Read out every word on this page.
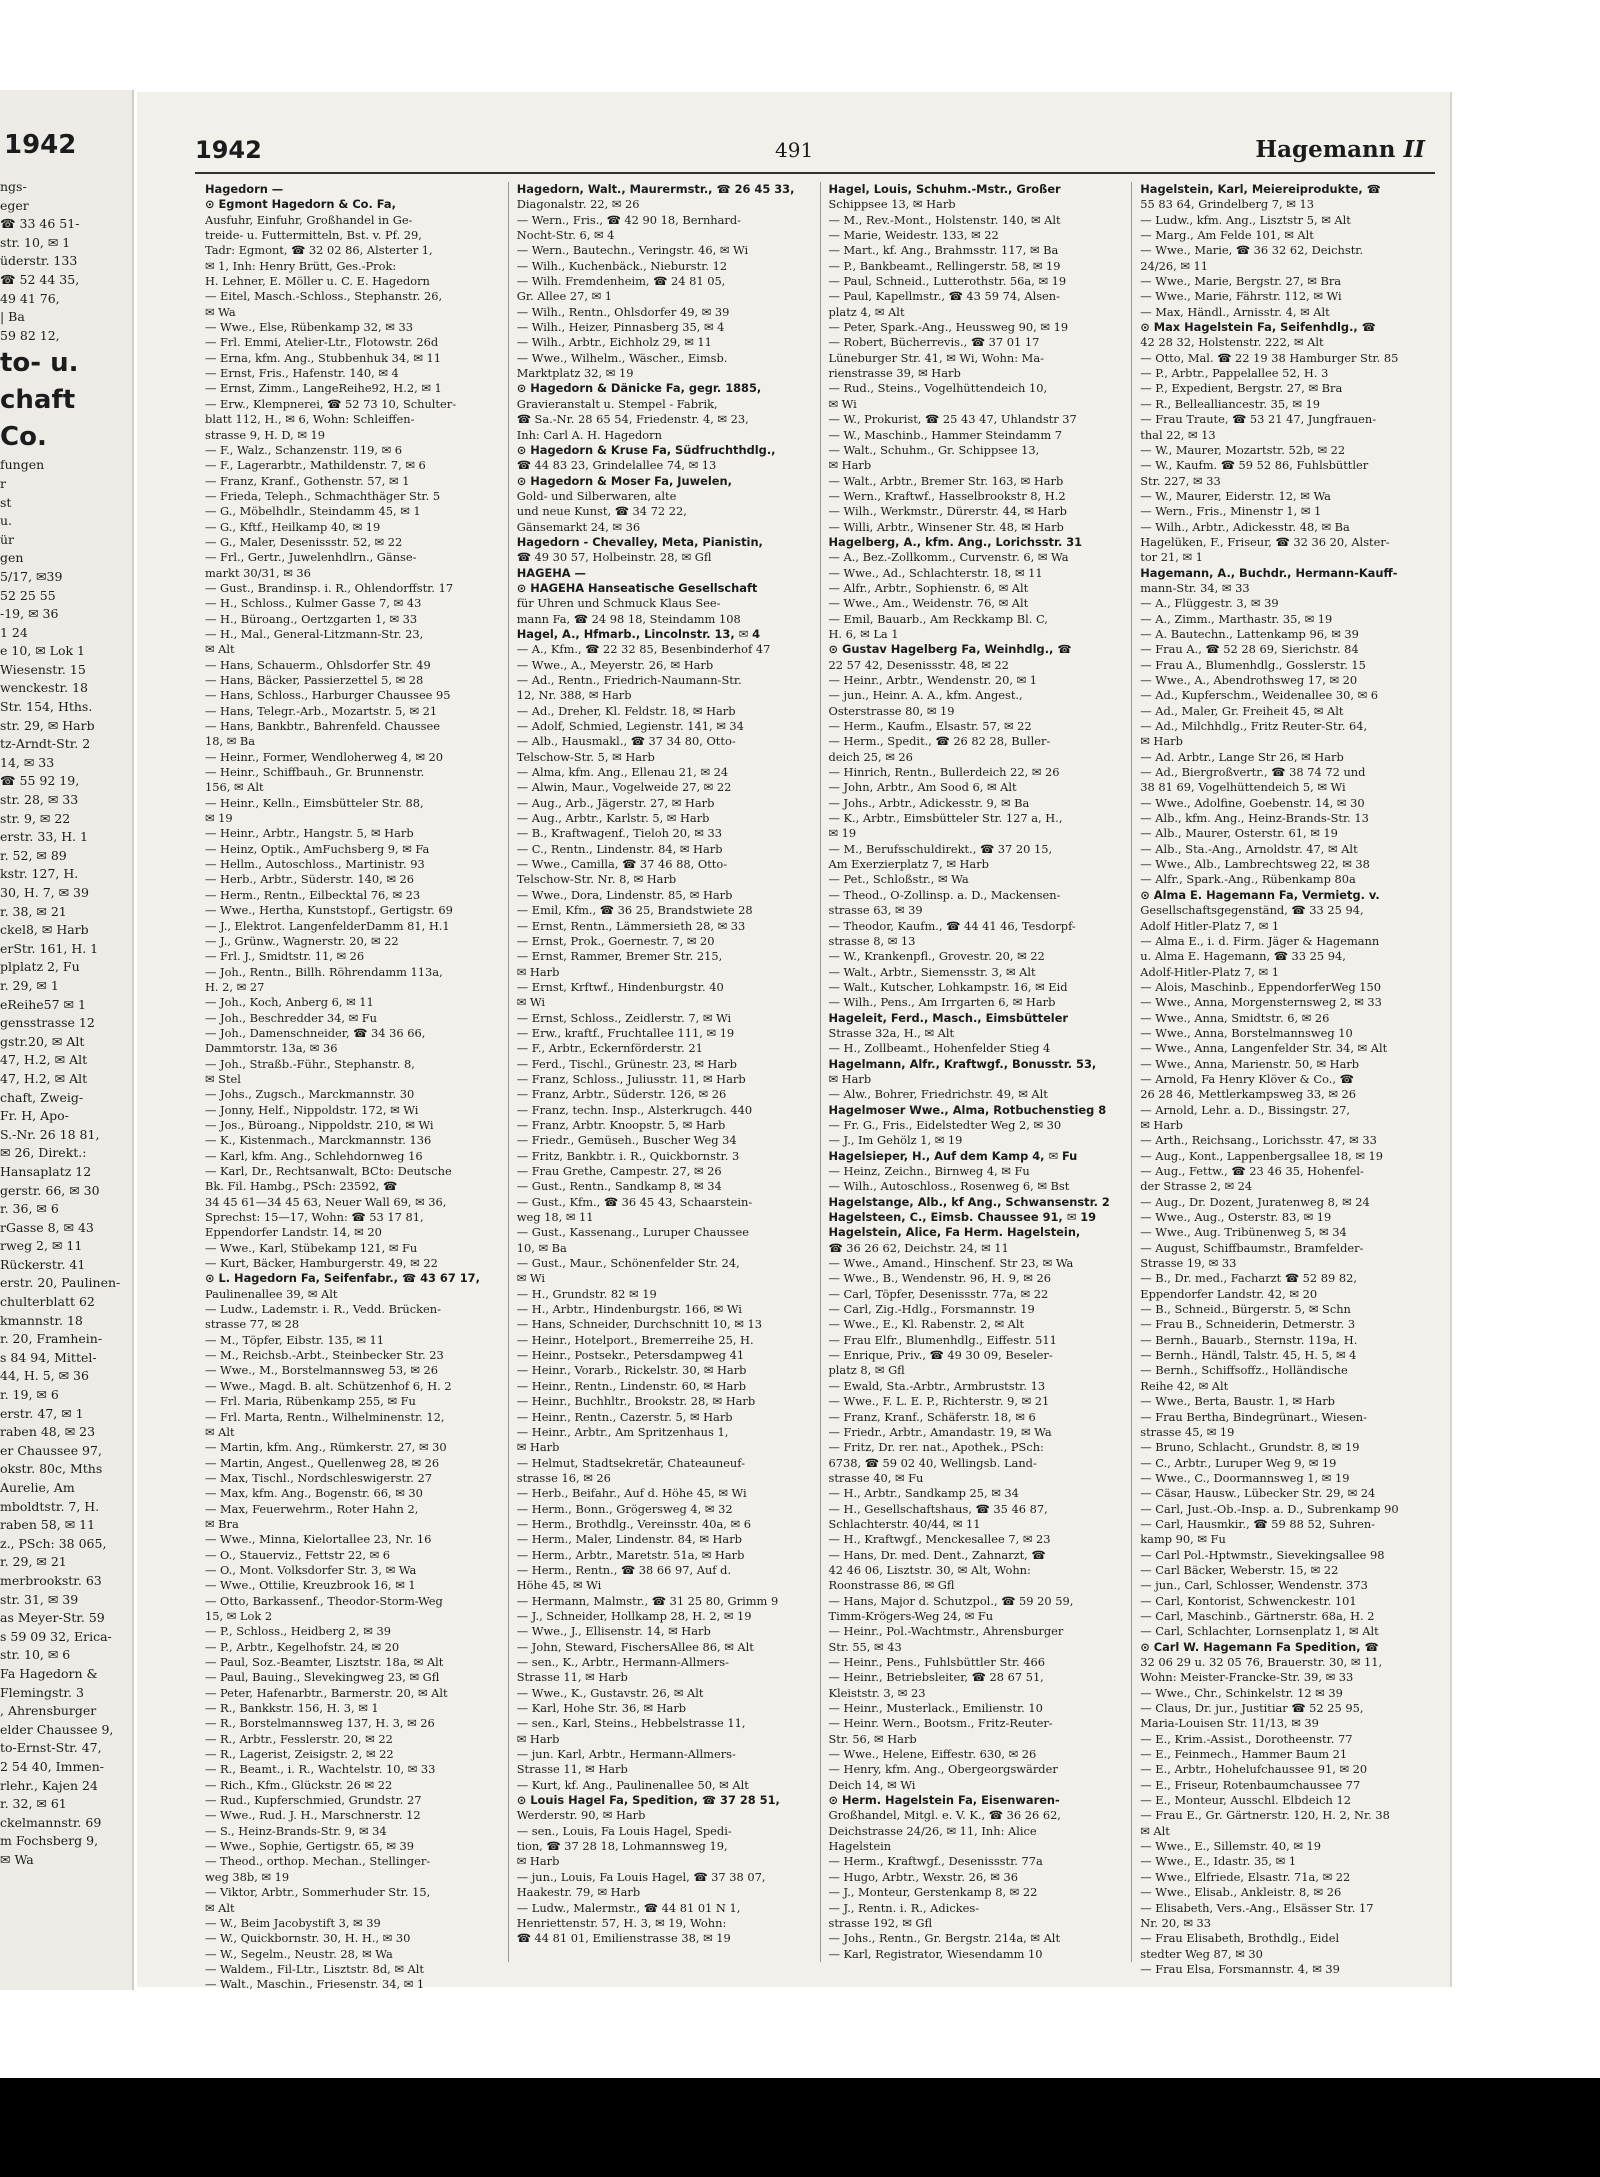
1942
ngs-
eger
☎ 33 46 51-
str. 10, ✉ 1
üderstr. 133
☎ 52 44 35,
49 41 76,
| Ba
59 82 12,
to- u.
chaft
Co.
fungen
r
st
u.
ür
gen
5/17, ✉39
52 25 55
-19, ✉ 36
1 24
e 10, ✉ Lok 1
Wiesenstr. 15
wenckestr. 18
Str. 154, Hths.
str. 29, ✉ Harb
tz-Arndt-Str. 2
14, ✉ 33
☎ 55 92 19,
str. 28, ✉ 33
str. 9, ✉ 22
erstr. 33, H. 1
r. 52, ✉ 89
kstr. 127, H.
30, H. 7, ✉ 39
r. 38, ✉ 21
ckel8, ✉ Harb
erStr. 161, H. 1
plplatz 2, Fu
r. 29, ✉ 1
eReihe57 ✉ 1
gensstrasse 12
gstr.20, ✉ Alt
47, H.2, ✉ Alt
47, H.2, ✉ Alt
chaft, Zweig-
Fr. H, Apo-
S.-Nr. 26 18 81,
✉ 26, Direkt.:
Hansaplatz 12
gerstr. 66, ✉ 30
r. 36, ✉ 6
rGasse 8, ✉ 43
rweg 2, ✉ 11
Rückerstr. 41
erstr. 20, Paulinen-
chulterblatt 62
kmannstr. 18
r. 20, Framhein-
s 84 94, Mittel-
44, H. 5, ✉ 36
r. 19, ✉ 6
erstr. 47, ✉ 1
raben 48, ✉ 23
er Chaussee 97,
okstr. 80c, Mths
Aurelie, Am
mboldtstr. 7, H.
raben 58, ✉ 11
z., PSch: 38 065,
r. 29, ✉ 21
merbrookstr. 63
str. 31, ✉ 39
as Meyer-Str. 59
s 59 09 32, Erica-
str. 10, ✉ 6
Fa Hagedorn &
Flemingstr. 3
, Ahrensburger
elder Chaussee 9,
to-Ernst-Str. 47,
2 54 40, Immen-
rlehr., Kajen 24
r. 32, ✉ 61
ckelmannstr. 69
m Fochsberg 9,
✉ Wa
1942	491	Hagemann II
Hagedorn —
⊙ Egmont Hagedorn & Co. Fa,
Ausfuhr, Einfuhr, Großhandel in Ge-
treide- u. Futtermitteln, Bst. v. Pf. 29,
Tadr: Egmont, ☎ 32 02 86, Alsterter 1,
✉ 1, Inh: Henry Brütt, Ges.-Prok:
H. Lehner, E. Möller u. C. E. Hagedorn
— Eitel, Masch.-Schloss., Stephanstr. 26,
✉ Wa
— Wwe., Else, Rübenkamp 32, ✉ 33
— Frl. Emmi, Atelier-Ltr., Flotowstr. 26d
— Erna, kfm. Ang., Stubbenhuk 34, ✉ 11
— Ernst, Fris., Hafenstr. 140, ✉ 4
— Ernst, Zimm., LangeReihe92, H.2, ✉ 1
— Erw., Klempnerei, ☎ 52 73 10, Schulter-
blatt 112, H., ✉ 6, Wohn: Schleiffen-
strasse 9, H. D, ✉ 19
— F., Walz., Schanzenstr. 119, ✉ 6
— F., Lagerarbtr., Mathildenstr. 7, ✉ 6
— Franz, Kranf., Gothenstr. 57, ✉ 1
— Frieda, Teleph., Schmachthäger Str. 5
— G., Möbelhdlr., Steindamm 45, ✉ 1
— G., Kftf., Heilkamp 40, ✉ 19
— G., Maler, Desenissstr. 52, ✉ 22
— Frl., Gertr., Juwelenhdlrn., Gänse-
markt 30/31, ✉ 36
— Gust., Brandinsp. i. R., Ohlendorffstr. 17
— H., Schloss., Kulmer Gasse 7, ✉ 43
— H., Büroang., Oertzgarten 1, ✉ 33
— H., Mal., General-Litzmann-Str. 23,
✉ Alt
— Hans, Schauerm., Ohlsdorfer Str. 49
— Hans, Bäcker, Passierzettel 5, ✉ 28
— Hans, Schloss., Harburger Chaussee 95
— Hans, Telegr.-Arb., Mozartstr. 5, ✉ 21
— Hans, Bankbtr., Bahrenfeld. Chaussee
18, ✉ Ba
— Heinr., Former, Wendloherweg 4, ✉ 20
— Heinr., Schiffbauh., Gr. Brunnenstr.
156, ✉ Alt
— Heinr., Kelln., Eimsbütteler Str. 88,
✉ 19
— Heinr., Arbtr., Hangstr. 5, ✉ Harb
— Heinz, Optik., AmFuchsberg 9, ✉ Fa
— Hellm., Autoschloss., Martinistr. 93
— Herb., Arbtr., Süderstr. 140, ✉ 26
— Herm., Rentn., Eilbecktal 76, ✉ 23
— Wwe., Hertha, Kunststopf., Gertigstr. 69
— J., Elektrot. LangenfelderDamm 81, H.1
— J., Grünw., Wagnerstr. 20, ✉ 22
— Frl. J., Smidtstr. 11, ✉ 26
— Joh., Rentn., Billh. Röhrendamm 113a,
H. 2, ✉ 27
— Joh., Koch, Anberg 6, ✉ 11
— Joh., Beschredder 34, ✉ Fu
— Joh., Damenschneider, ☎ 34 36 66,
Dammtorstr. 13a, ✉ 36
— Joh., Straßb.-Führ., Stephanstr. 8,
✉ Stel
— Johs., Zugsch., Marckmannstr. 30
— Jonny, Helf., Nippoldstr. 172, ✉ Wi
— Jos., Büroang., Nippoldstr. 210, ✉ Wi
— K., Kistenmach., Marckmannstr. 136
— Karl, kfm. Ang., Schlehdornweg 16
— Karl, Dr., Rechtsanwalt, BCto: Deutsche
Bk. Fil. Hambg., PSch: 23592, ☎
34 45 61—34 45 63, Neuer Wall 69, ✉ 36,
Sprechst: 15—17, Wohn: ☎ 53 17 81,
Eppendorfer Landstr. 14, ✉ 20
— Wwe., Karl, Stübekamp 121, ✉ Fu
— Kurt, Bäcker, Hamburgerstr. 49, ✉ 22
⊙ L. Hagedorn Fa, Seifenfabr., ☎ 43 67 17,
Paulinenallee 39, ✉ Alt
— Ludw., Lademstr. i. R., Vedd. Brücken-
strasse 77, ✉ 28
— M., Töpfer, Eibstr. 135, ✉ 11
— M., Reichsb.-Arbt., Steinbecker Str. 23
— Wwe., M., Borstelmannsweg 53, ✉ 26
— Wwe., Magd. B. alt. Schützenhof 6, H. 2
— Frl. Maria, Rübenkamp 255, ✉ Fu
— Frl. Marta, Rentn., Wilhelminenstr. 12,
✉ Alt
— Martin, kfm. Ang., Rümkerstr. 27, ✉ 30
— Martin, Angest., Quellenweg 28, ✉ 26
— Max, Tischl., Nordschleswigerstr. 27
— Max, kfm. Ang., Bogenstr. 66, ✉ 30
— Max, Feuerwehrm., Roter Hahn 2,
✉ Bra
— Wwe., Minna, Kielortallee 23, Nr. 16
— O., Stauerviz., Fettstr 22, ✉ 6
— O., Mont. Volksdorfer Str. 3, ✉ Wa
— Wwe., Ottilie, Kreuzbrook 16, ✉ 1
— Otto, Barkassenf., Theodor-Storm-Weg
15, ✉ Lok 2
— P., Schloss., Heidberg 2, ✉ 39
— P., Arbtr., Kegelhofstr. 24, ✉ 20
— Paul, Soz.-Beamter, Lisztstr. 18a, ✉ Alt
— Paul, Bauing., Slevekingweg 23, ✉ Gfl
— Peter, Hafenarbtr., Barmerstr. 20, ✉ Alt
— R., Bankkstr. 156, H. 3, ✉ 1
— R., Borstelmannsweg 137, H. 3, ✉ 26
— R., Arbtr., Fesslerstr. 20, ✉ 22
— R., Lagerist, Zeisigstr. 2, ✉ 22
— R., Beamt., i. R., Wachtelstr. 10, ✉ 33
— Rich., Kfm., Glückstr. 26 ✉ 22
— Rud., Kupferschmied, Grundstr. 27
— Wwe., Rud. J. H., Marschnerstr. 12
— S., Heinz-Brands-Str. 9, ✉ 34
— Wwe., Sophie, Gertigstr. 65, ✉ 39
— Theod., orthop. Mechan., Stellinger-
weg 38b, ✉ 19
— Viktor, Arbtr., Sommerhuder Str. 15,
✉ Alt
— W., Beim Jacobystift 3, ✉ 39
— W., Quickbornstr. 30, H. H., ✉ 30
— W., Segelm., Neustr. 28, ✉ Wa
— Waldem., Fil-Ltr., Lisztstr. 8d, ✉ Alt
— Walt., Maschin., Friesenstr. 34, ✉ 1
Hagedorn, Walt., Maurermstr., ☎ 26 45 33,
Diagonalstr. 22, ✉ 26
— Wern., Fris., ☎ 42 90 18, Bernhard-
Nocht-Str. 6, ✉ 4
— Wern., Bautechn., Veringstr. 46, ✉ Wi
— Wilh., Kuchenbäck., Nieburstr. 12
— Wilh. Fremdenheim, ☎ 24 81 05,
Gr. Allee 27, ✉ 1
— Wilh., Rentn., Ohlsdorfer 49, ✉ 39
— Wilh., Heizer, Pinnasberg 35, ✉ 4
— Wilh., Arbtr., Eichholz 29, ✉ 11
— Wwe., Wilhelm., Wäscher., Eimsb.
Marktplatz 32, ✉ 19
⊙ Hagedorn & Dänicke Fa, gegr. 1885,
Gravieranstalt u. Stempel - Fabrik,
☎ Sa.-Nr. 28 65 54, Friedenstr. 4, ✉ 23,
Inh: Carl A. H. Hagedorn
⊙ Hagedorn & Kruse Fa, Südfruchthdlg.,
☎ 44 83 23, Grindelallee 74, ✉ 13
⊙ Hagedorn & Moser Fa, Juwelen,
Gold- und Silberwaren, alte
und neue Kunst, ☎ 34 72 22,
Gänsemarkt 24, ✉ 36
Hagedorn - Chevalley, Meta, Pianistin,
☎ 49 30 57, Holbeinstr. 28, ✉ Gfl
HAGEHA —
⊙ HAGEHA Hanseatische Gesellschaft
für Uhren und Schmuck Klaus See-
mann Fa, ☎ 24 98 18, Steindamm 108
Hagel, A., Hfmarb., Lincolnstr. 13, ✉ 4
— A., Kfm., ☎ 22 32 85, Besenbinderhof 47
— Wwe., A., Meyerstr. 26, ✉ Harb
— Ad., Rentn., Friedrich-Naumann-Str.
12, Nr. 388, ✉ Harb
— Ad., Dreher, Kl. Feldstr. 18, ✉ Harb
— Adolf, Schmied, Legienstr. 141, ✉ 34
— Alb., Hausmakl., ☎ 37 34 80, Otto-
Telschow-Str. 5, ✉ Harb
— Alma, kfm. Ang., Ellenau 21, ✉ 24
— Alwin, Maur., Vogelweide 27, ✉ 22
— Aug., Arb., Jägerstr. 27, ✉ Harb
— Aug., Arbtr., Karlstr. 5, ✉ Harb
— B., Kraftwagenf., Tieloh 20, ✉ 33
— C., Rentn., Lindenstr. 84, ✉ Harb
— Wwe., Camilla, ☎ 37 46 88, Otto-
Telschow-Str. Nr. 8, ✉ Harb
— Wwe., Dora, Lindenstr. 85, ✉ Harb
— Emil, Kfm., ☎ 36 25, Brandstwiete 28
— Ernst, Rentn., Lämmersieth 28, ✉ 33
— Ernst, Prok., Goernestr. 7, ✉ 20
— Ernst, Rammer, Bremer Str. 215,
✉ Harb
— Ernst, Krftwf., Hindenburgstr. 40
✉ Wi
— Ernst, Schloss., Zeidlerstr. 7, ✉ Wi
— Erw., kraftf., Fruchtallee 111, ✉ 19
— F., Arbtr., Eckernförderstr. 21
— Ferd., Tischl., Grünestr. 23, ✉ Harb
— Franz, Schloss., Juliusstr. 11, ✉ Harb
— Franz, Arbtr., Süderstr. 126, ✉ 26
— Franz, techn. Insp., Alsterkrugch. 440
— Franz, Arbtr. Knoopstr. 5, ✉ Harb
— Friedr., Gemüseh., Buscher Weg 34
— Fritz, Bankbtr. i. R., Quickbornstr. 3
— Frau Grethe, Campestr. 27, ✉ 26
— Gust., Rentn., Sandkamp 8, ✉ 34
— Gust., Kfm., ☎ 36 45 43, Schaarstein-
weg 18, ✉ 11
— Gust., Kassenang., Luruper Chaussee
10, ✉ Ba
— Gust., Maur., Schönenfelder Str. 24,
✉ Wi
— H., Grundstr. 82 ✉ 19
— H., Arbtr., Hindenburgstr. 166, ✉ Wi
— Hans, Schneider, Durchschnitt 10, ✉ 13
— Heinr., Hotelport., Bremerreihe 25, H.
— Heinr., Postsekr., Petersdampweg 41
— Heinr., Vorarb., Rickelstr. 30, ✉ Harb
— Heinr., Rentn., Lindenstr. 60, ✉ Harb
— Heinr., Buchhltr., Brookstr. 28, ✉ Harb
— Heinr., Rentn., Cazerstr. 5, ✉ Harb
— Heinr., Arbtr., Am Spritzenhaus 1,
✉ Harb
— Helmut, Stadtsekretär, Chateauneuf-
strasse 16, ✉ 26
— Herb., Beifahr., Auf d. Höhe 45, ✉ Wi
— Herm., Bonn., Grögersweg 4, ✉ 32
— Herm., Brothdlg., Vereinsstr. 40a, ✉ 6
— Herm., Maler, Lindenstr. 84, ✉ Harb
— Herm., Arbtr., Maretstr. 51a, ✉ Harb
— Herm., Rentn., ☎ 38 66 97, Auf d.
Höhe 45, ✉ Wi
— Hermann, Malmstr., ☎ 31 25 80, Grimm 9
— J., Schneider, Hollkamp 28, H. 2, ✉ 19
— Wwe., J., Ellisenstr. 14, ✉ Harb
— John, Steward, FischersAllee 86, ✉ Alt
— sen., K., Arbtr., Hermann-Allmers-
Strasse 11, ✉ Harb
— Wwe., K., Gustavstr. 26, ✉ Alt
— Karl, Hohe Str. 36, ✉ Harb
— sen., Karl, Steins., Hebbelstrasse 11,
✉ Harb
— jun. Karl, Arbtr., Hermann-Allmers-
Strasse 11, ✉ Harb
— Kurt, kf. Ang., Paulinenallee 50, ✉ Alt
⊙ Louis Hagel Fa, Spedition, ☎ 37 28 51,
Werderstr. 90, ✉ Harb
— sen., Louis, Fa Louis Hagel, Spedi-
tion, ☎ 37 28 18, Lohmannsweg 19,
✉ Harb
— jun., Louis, Fa Louis Hagel, ☎ 37 38 07,
Haakestr. 79, ✉ Harb
— Ludw., Malermstr., ☎ 44 81 01 N 1,
Henriettenstr. 57, H. 3, ✉ 19, Wohn:
☎ 44 81 01, Emilienstrasse 38, ✉ 19
Hagel, Louis, Schuhm.-Mstr., Großer
Schippsee 13, ✉ Harb
— M., Rev.-Mont., Holstenstr. 140, ✉ Alt
— Marie, Weidestr. 133, ✉ 22
— Mart., kf. Ang., Brahmsstr. 117, ✉ Ba
— P., Bankbeamt., Rellingerstr. 58, ✉ 19
— Paul, Schneid., Lutterothstr. 56a, ✉ 19
— Paul, Kapellmstr., ☎ 43 59 74, Alsen-
platz 4, ✉ Alt
— Peter, Spark.-Ang., Heussweg 90, ✉ 19
— Robert, Bücherrevis., ☎ 37 01 17
Lüneburger Str. 41, ✉ Wi, Wohn: Ma-
rienstrasse 39, ✉ Harb
— Rud., Steins., Vogelhüttendeich 10,
✉ Wi
— W., Prokurist, ☎ 25 43 47, Uhlandstr 37
— W., Maschinb., Hammer Steindamm 7
— Walt., Schuhm., Gr. Schippsee 13,
✉ Harb
— Walt., Arbtr., Bremer Str. 163, ✉ Harb
— Wern., Kraftwf., Hasselbrookstr 8, H.2
— Wilh., Werkmstr., Dürerstr. 44, ✉ Harb
— Willi, Arbtr., Winsener Str. 48, ✉ Harb
Hagelberg, A., kfm. Ang., Lorichsstr. 31
— A., Bez.-Zollkomm., Curvenstr. 6, ✉ Wa
— Wwe., Ad., Schlachterstr. 18, ✉ 11
— Alfr., Arbtr., Sophienstr. 6, ✉ Alt
— Wwe., Am., Weidenstr. 76, ✉ Alt
— Emil, Bauarb., Am Reckkamp Bl. C,
H. 6, ✉ La 1
⊙ Gustav Hagelberg Fa, Weinhdlg., ☎
22 57 42, Desenissstr. 48, ✉ 22
— Heinr., Arbtr., Wendenstr. 20, ✉ 1
— jun., Heinr. A. A., kfm. Angest.,
Osterstrasse 80, ✉ 19
— Herm., Kaufm., Elsastr. 57, ✉ 22
— Herm., Spedit., ☎ 26 82 28, Buller-
deich 25, ✉ 26
— Hinrich, Rentn., Bullerdeich 22, ✉ 26
— John, Arbtr., Am Sood 6, ✉ Alt
— Johs., Arbtr., Adickesstr. 9, ✉ Ba
— K., Arbtr., Eimsbütteler Str. 127 a, H.,
✉ 19
— M., Berufsschuldirekt., ☎ 37 20 15,
Am Exerzierplatz 7, ✉ Harb
— Pet., Schloßstr., ✉ Wa
— Theod., O-Zollinsp. a. D., Mackensen-
strasse 63, ✉ 39
— Theodor, Kaufm., ☎ 44 41 46, Tesdorpf-
strasse 8, ✉ 13
— W., Krankenpfl., Grovestr. 20, ✉ 22
— Walt., Arbtr., Siemensstr. 3, ✉ Alt
— Walt., Kutscher, Lohkampstr. 16, ✉ Eid
— Wilh., Pens., Am Irrgarten 6, ✉ Harb
Hageleit, Ferd., Masch., Eimsbütteler
Strasse 32a, H., ✉ Alt
— H., Zollbeamt., Hohenfelder Stieg 4
Hagelmann, Alfr., Kraftwgf., Bonusstr. 53,
✉ Harb
— Alw., Bohrer, Friedrichstr. 49, ✉ Alt
Hagelmoser Wwe., Alma, Rotbuchenstieg 8
— Fr. G., Fris., Eidelstedter Weg 2, ✉ 30
— J., Im Gehölz 1, ✉ 19
Hagelsieper, H., Auf dem Kamp 4, ✉ Fu
— Heinz, Zeichn., Birnweg 4, ✉ Fu
— Wilh., Autoschloss., Rosenweg 6, ✉ Bst
Hagelstange, Alb., kf Ang., Schwansenstr. 2
Hagelsteen, C., Eimsb. Chaussee 91, ✉ 19
Hagelstein, Alice, Fa Herm. Hagelstein,
☎ 36 26 62, Deichstr. 24, ✉ 11
— Wwe., Amand., Hinschenf. Str 23, ✉ Wa
— Wwe., B., Wendenstr. 96, H. 9, ✉ 26
— Carl, Töpfer, Desenissstr. 77a, ✉ 22
— Carl, Zig.-Hdlg., Forsmannstr. 19
— Wwe., E., Kl. Rabenstr. 2, ✉ Alt
— Frau Elfr., Blumenhdlg., Eiffestr. 511
— Enrique, Priv., ☎ 49 30 09, Beseler-
platz 8, ✉ Gfl
— Ewald, Sta.-Arbtr., Armbruststr. 13
— Wwe., F. L. E. P., Richterstr. 9, ✉ 21
— Franz, Kranf., Schäferstr. 18, ✉ 6
— Friedr., Arbtr., Amandastr. 19, ✉ Wa
— Fritz, Dr. rer. nat., Apothek., PSch:
6738, ☎ 59 02 40, Wellingsb. Land-
strasse 40, ✉ Fu
— H., Arbtr., Sandkamp 25, ✉ 34
— H., Gesellschaftshaus, ☎ 35 46 87,
Schlachterstr. 40/44, ✉ 11
— H., Kraftwgf., Menckesallee 7, ✉ 23
— Hans, Dr. med. Dent., Zahnarzt, ☎
42 46 06, Lisztstr. 30, ✉ Alt, Wohn:
Roonstrasse 86, ✉ Gfl
— Hans, Major d. Schutzpol., ☎ 59 20 59,
Timm-Krögers-Weg 24, ✉ Fu
— Heinr., Pol.-Wachtmstr., Ahrensburger
Str. 55, ✉ 43
— Heinr., Pens., Fuhlsbüttler Str. 466
— Heinr., Betriebsleiter, ☎ 28 67 51,
Kleiststr. 3, ✉ 23
— Heinr., Musterlack., Emilienstr. 10
— Heinr. Wern., Bootsm., Fritz-Reuter-
Str. 56, ✉ Harb
— Wwe., Helene, Eiffestr. 630, ✉ 26
— Henry, kfm. Ang., Obergeorgswärder
Deich 14, ✉ Wi
⊙ Herm. Hagelstein Fa, Eisenwaren-
Großhandel, Mitgl. e. V. K., ☎ 36 26 62,
Deichstrasse 24/26, ✉ 11, Inh: Alice
Hagelstein
— Herm., Kraftwgf., Desenissstr. 77a
— Hugo, Arbtr., Wexstr. 26, ✉ 36
— J., Monteur, Gerstenkamp 8, ✉ 22
— J., Rentn. i. R., Adickes-
strasse 192, ✉ Gfl
— Johs., Rentn., Gr. Bergstr. 214a, ✉ Alt
— Karl, Registrator, Wiesendamm 10
Hagelstein, Karl, Meiereiprodukte, ☎
55 83 64, Grindelberg 7, ✉ 13
— Ludw., kfm. Ang., Lisztstr 5, ✉ Alt
— Marg., Am Felde 101, ✉ Alt
— Wwe., Marie, ☎ 36 32 62, Deichstr.
24/26, ✉ 11
— Wwe., Marie, Bergstr. 27, ✉ Bra
— Wwe., Marie, Fährstr. 112, ✉ Wi
— Max, Händl., Arnisstr. 4, ✉ Alt
⊙ Max Hagelstein Fa, Seifenhdlg., ☎
42 28 32, Holstenstr. 222, ✉ Alt
— Otto, Mal. ☎ 22 19 38 Hamburger Str. 85
— P., Arbtr., Pappelallee 52, H. 3
— P., Expedient, Bergstr. 27, ✉ Bra
— R., Bellealliancestr. 35, ✉ 19
— Frau Traute, ☎ 53 21 47, Jungfrauen-
thal 22, ✉ 13
— W., Maurer, Mozartstr. 52b, ✉ 22
— W., Kaufm. ☎ 59 52 86, Fuhlsbüttler
Str. 227, ✉ 33
— W., Maurer, Eiderstr. 12, ✉ Wa
— Wern., Fris., Minenstr 1, ✉ 1
— Wilh., Arbtr., Adickesstr. 48, ✉ Ba
Hagelüken, F., Friseur, ☎ 32 36 20, Alster-
tor 21, ✉ 1
Hagemann, A., Buchdr., Hermann-Kauff-
mann-Str. 34, ✉ 33
— A., Flüggestr. 3, ✉ 39
— A., Zimm., Marthastr. 35, ✉ 19
— A. Bautechn., Lattenkamp 96, ✉ 39
— Frau A., ☎ 52 28 69, Sierichstr. 84
— Frau A., Blumenhdlg., Gosslerstr. 15
— Wwe., A., Abendrothsweg 17, ✉ 20
— Ad., Kupferschm., Weidenallee 30, ✉ 6
— Ad., Maler, Gr. Freiheit 45, ✉ Alt
— Ad., Milchhdlg., Fritz Reuter-Str. 64,
✉ Harb
— Ad. Arbtr., Lange Str 26, ✉ Harb
— Ad., Biergroßvertr., ☎ 38 74 72 und
38 81 69, Vogelhüttendeich 5, ✉ Wi
— Wwe., Adolfine, Goebenstr. 14, ✉ 30
— Alb., kfm. Ang., Heinz-Brands-Str. 13
— Alb., Maurer, Osterstr. 61, ✉ 19
— Alb., Sta.-Ang., Arnoldstr. 47, ✉ Alt
— Wwe., Alb., Lambrechtsweg 22, ✉ 38
— Alfr., Spark.-Ang., Rübenkamp 80a
⊙ Alma E. Hagemann Fa, Vermietg. v.
Gesellschaftsgegenständ, ☎ 33 25 94,
Adolf Hitler-Platz 7, ✉ 1
— Alma E., i. d. Firm. Jäger & Hagemann
u. Alma E. Hagemann, ☎ 33 25 94,
Adolf-Hitler-Platz 7, ✉ 1
— Alois, Maschinb., EppendorferWeg 150
— Wwe., Anna, Morgensternsweg 2, ✉ 33
— Wwe., Anna, Smidtstr. 6, ✉ 26
— Wwe., Anna, Borstelmannsweg 10
— Wwe., Anna, Langenfelder Str. 34, ✉ Alt
— Wwe., Anna, Marienstr. 50, ✉ Harb
— Arnold, Fa Henry Klöver & Co., ☎
26 28 46, Mettlerkampsweg 33, ✉ 26
— Arnold, Lehr. a. D., Bissingstr. 27,
✉ Harb
— Arth., Reichsang., Lorichsstr. 47, ✉ 33
— Aug., Kont., Lappenbergsallee 18, ✉ 19
— Aug., Fettw., ☎ 23 46 35, Hohenfel-
der Strasse 2, ✉ 24
— Aug., Dr. Dozent, Juratenweg 8, ✉ 24
— Wwe., Aug., Osterstr. 83, ✉ 19
— Wwe., Aug. Tribünenweg 5, ✉ 34
— August, Schiffbaumstr., Bramfelder-
Strasse 19, ✉ 33
— B., Dr. med., Facharzt ☎ 52 89 82,
Eppendorfer Landstr. 42, ✉ 20
— B., Schneid., Bürgerstr. 5, ✉ Schn
— Frau B., Schneiderin, Detmerstr. 3
— Bernh., Bauarb., Sternstr. 119a, H.
— Bernh., Händl, Talstr. 45, H. 5, ✉ 4
— Bernh., Schiffsoffz., Holländische
Reihe 42, ✉ Alt
— Wwe., Berta, Baustr. 1, ✉ Harb
— Frau Bertha, Bindegrünart., Wiesen-
strasse 45, ✉ 19
— Bruno, Schlacht., Grundstr. 8, ✉ 19
— C., Arbtr., Luruper Weg 9, ✉ 19
— Wwe., C., Doormannsweg 1, ✉ 19
— Cäsar, Hausw., Lübecker Str. 29, ✉ 24
— Carl, Just.-Ob.-Insp. a. D., Subrenkamp 90
— Carl, Hausmkir., ☎ 59 88 52, Suhren-
kamp 90, ✉ Fu
— Carl Pol.-Hptwmstr., Sievekingsallee 98
— Carl Bäcker, Weberstr. 15, ✉ 22
— jun., Carl, Schlosser, Wendenstr. 373
— Carl, Kontorist, Schwenckestr. 101
— Carl, Maschinb., Gärtnerstr. 68a, H. 2
— Carl, Schlachter, Lornsenplatz 1, ✉ Alt
⊙ Carl W. Hagemann Fa Spedition, ☎
32 06 29 u. 32 05 76, Brauerstr. 30, ✉ 11,
Wohn: Meister-Francke-Str. 39, ✉ 33
— Wwe., Chr., Schinkelstr. 12 ✉ 39
— Claus, Dr. jur., Justitiar ☎ 52 25 95,
Maria-Louisen Str. 11/13, ✉ 39
— E., Krim.-Assist., Dorotheenstr. 77
— E., Feinmech., Hammer Baum 21
— E., Arbtr., Hohelufchaussee 91, ✉ 20
— E., Friseur, Rotenbaumchaussee 77
— E., Monteur, Ausschl. Elbdeich 12
— Frau E., Gr. Gärtnerstr. 120, H. 2, Nr. 38
✉ Alt
— Wwe., E., Sillemstr. 40, ✉ 19
— Wwe., E., Idastr. 35, ✉ 1
— Wwe., Elfriede, Elsastr. 71a, ✉ 22
— Wwe., Elisab., Ankleistr. 8, ✉ 26
— Elisabeth, Vers.-Ang., Elsässer Str. 17
Nr. 20, ✉ 33
— Frau Elisabeth, Brothdlg., Eidel
stedter Weg 87, ✉ 30
— Frau Elsa, Forsmannstr. 4, ✉ 39
